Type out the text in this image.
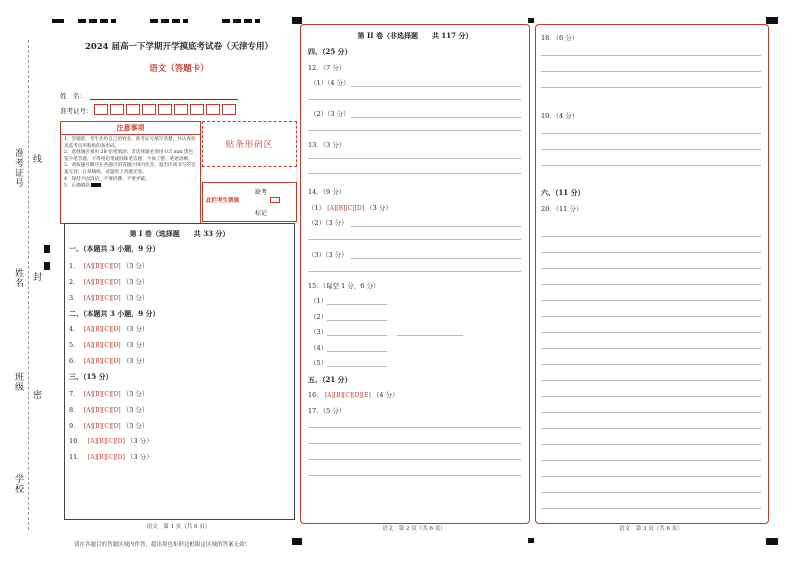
准考证号 线
姓名 封
班级
密
学校
2024 届高一下学期开学摸底考试卷（天津专用）
语文（答题卡）
姓　名：
准考证号：
注意事项
1．答题前，考生先将自己的姓名、准考证号填写清楚，并认真检查监考员所粘贴的条形码。
2．选择题必须用 2B 铅笔填涂；非选择题必须用 0.5 mm 黑色签字笔答题，不得用铅笔或圆珠笔答题；字体工整、笔迹清晰。
3．请按题号顺序在各题目的答题区域内作答，超出区域书写的答案无效；在草稿纸、试题卷上答题无效。
4．保持卡面清洁，不要折叠、不要弄破。
5．正确填涂
贴条形码区
此栏考生禁填
缺考
标记
第 I 卷（选择题　　共 33 分）
一、（本题共 3 小题，9 分）
1． [A][B][C][D] （3 分）
2． [A][B][C][D] （3 分）
3． [A][B][C][D] （3 分）
二、（本题共 3 小题，9 分）
4． [A][B][C][D] （3 分）
5． [A][B][C][D] （3 分）
6． [A][B][C][D] （3 分）
三、（15 分）
7． [A][B][C][D] （3 分）
8． [A][B][C][D] （3 分）
9． [A][B][C][D] （3 分）
10． [A][B][C][D] （3 分）
11． [A][B][C][D] （3 分）
语文　第 1 页（共 6 页）
请在各题目的答题区域内作答，超出黑色矩形边框限定区域的答案无效！
第 II 卷（非选择题　　共 117 分）
四、（25 分）
12．（7 分）
（1）（4 分）
（2）（3 分）
13．（3 分）
14．（9 分）
（1） [A][B][C][D] （3 分）
（2）（3 分）
（3）（3 分）
15．（每空 1 分，6 分）
（1）
（2）
（3）
（4）
（5）
五、（21 分）
16． [A][B][C][D][E] （4 分）
17．（5 分）
语文　第 2 页（共 6 页）
18．（6 分）
19．（4 分）
六、（11 分）
20．（11 分）
语文　第 3 页（共 6 页）
